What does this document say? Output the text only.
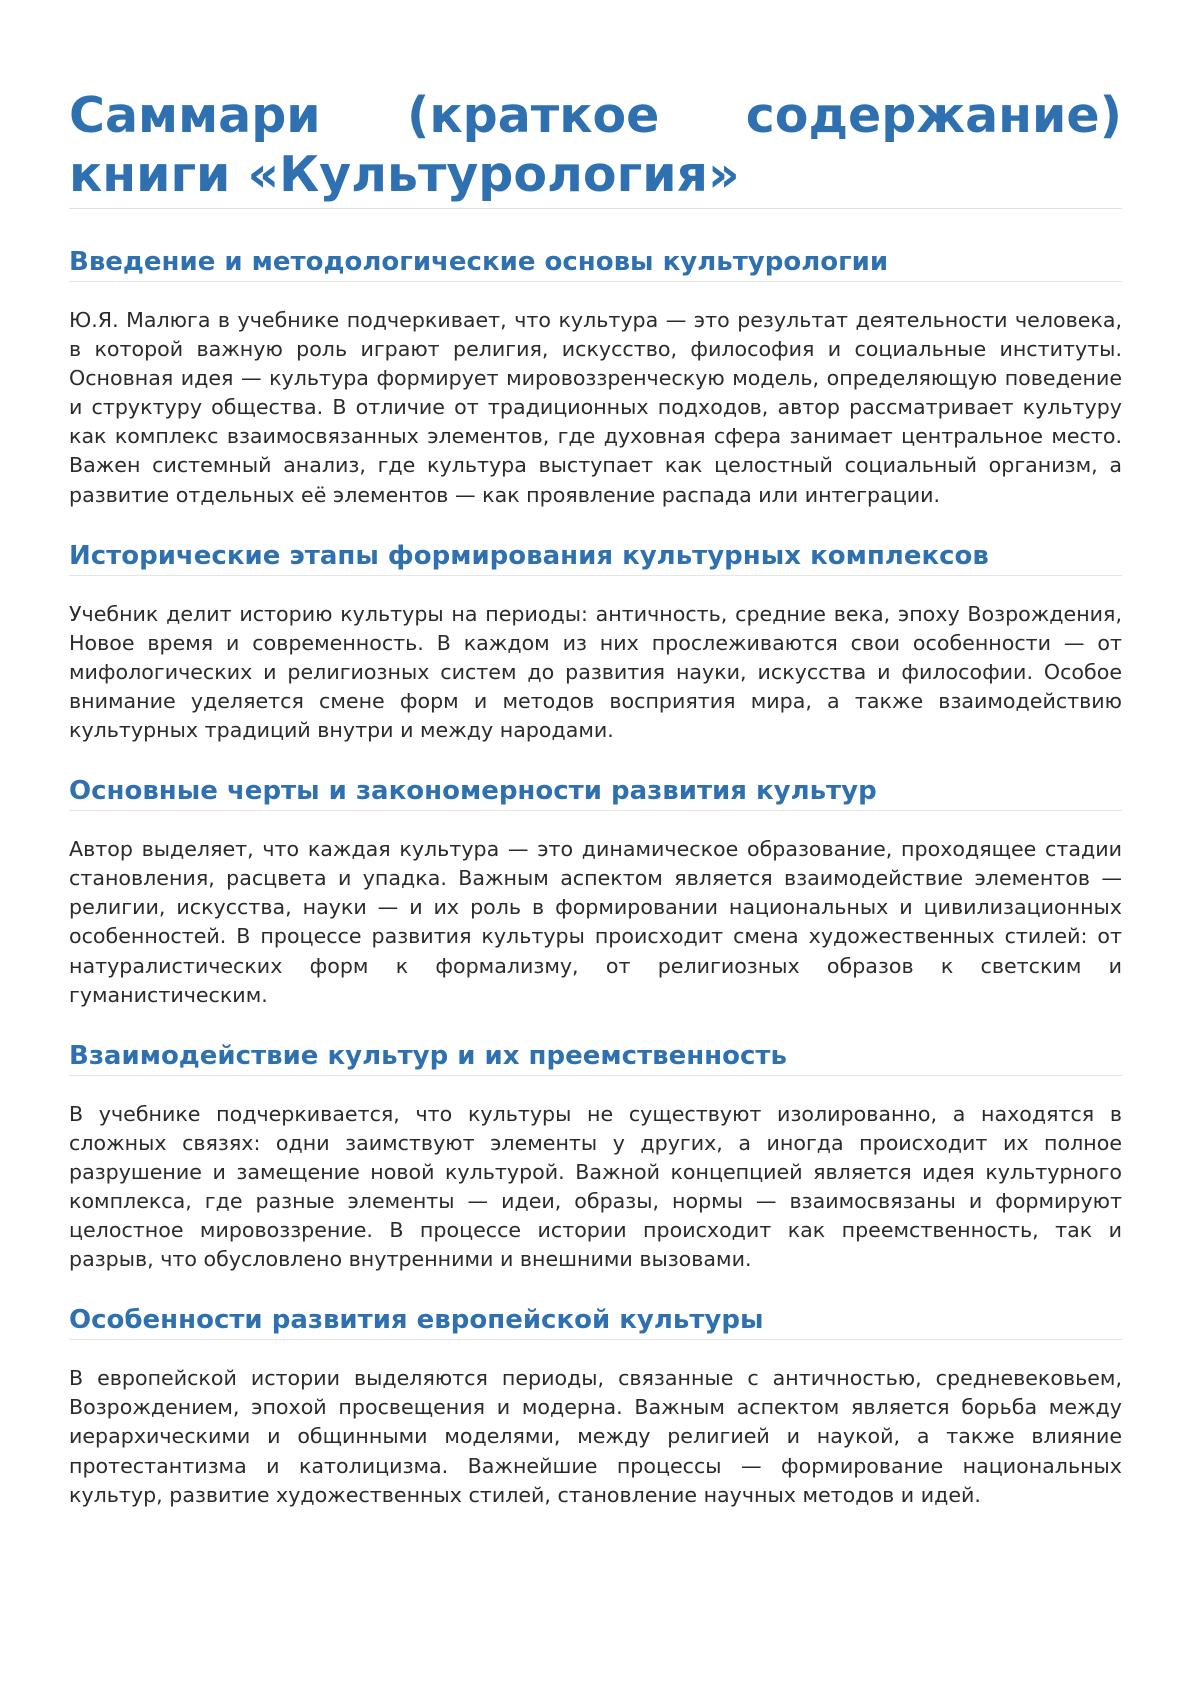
Саммари (краткое содержание) книги «Культурология»
Введение и методологические основы культурологии

Ю.Я. Малюга в учебнике подчеркивает, что культура — это результат деятельности человека, в которой важную роль играют религия, искусство, философия и социальные институты. Основная идея — культура формирует мировоззренческую модель, определяющую поведение и структуру общества. В отличие от традиционных подходов, автор рассматривает культуру как комплекс взаимосвязанных элементов, где духовная сфера занимает центральное место. Важен системный анализ, где культура выступает как целостный социальный организм, а развитие отдельных её элементов — как проявление распада или интеграции.

Исторические этапы формирования культурных комплексов

Учебник делит историю культуры на периоды: античность, средние века, эпоху Возрождения, Новое время и современность. В каждом из них прослеживаются свои особенности — от мифологических и религиозных систем до развития науки, искусства и философии. Особое внимание уделяется смене форм и методов восприятия мира, а также взаимодействию культурных традиций внутри и между народами.

Основные черты и закономерности развития культур

Автор выделяет, что каждая культура — это динамическое образование, проходящее стадии становления, расцвета и упадка. Важным аспектом является взаимодействие элементов — религии, искусства, науки — и их роль в формировании национальных и цивилизационных особенностей. В процессе развития культуры происходит смена художественных стилей: от натуралистических форм к формализму, от религиозных образов к светским и гуманистическим.

Взаимодействие культур и их преемственность

В учебнике подчеркивается, что культуры не существуют изолированно, а находятся в сложных связях: одни заимствуют элементы у других, а иногда происходит их полное разрушение и замещение новой культурой. Важной концепцией является идея культурного комплекса, где разные элементы — идеи, образы, нормы — взаимосвязаны и формируют целостное мировоззрение. В процессе истории происходит как преемственность, так и разрыв, что обусловлено внутренними и внешними вызовами.

Особенности развития европейской культуры

В европейской истории выделяются периоды, связанные с античностью, средневековьем, Возрождением, эпохой просвещения и модерна. Важным аспектом является борьба между иерархическими и общинными моделями, между религией и наукой, а также влияние протестантизма и католицизма. Важнейшие процессы — формирование национальных культур, развитие художественных стилей, становление научных методов и идей.
